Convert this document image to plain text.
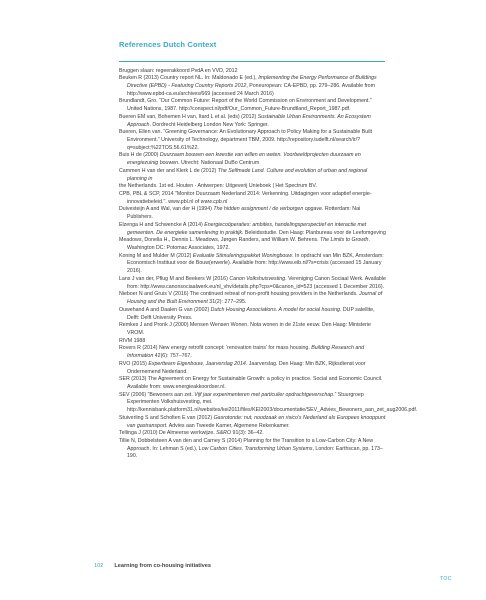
References Dutch Context
Bruggen slaan: regeerakkoord PvdA en VVD, 2012
Beuken R (2013) Country report NL. In: Maldonado E (ed.), Implementing the Energy Performance of Buildings Directive (EPBD) - Featuring Country Reports 2012, Poneuropean: CA-EPBD, pp. 279–286. Available from http://www.epbd-ca.eu/archives/669 (accessed 24 March 2016)
Brundlandt, Gro. “Our Common Future: Report of the World Commission on Environment and Development.” United Nations, 1987. http://conspect.nl/pdf/Our_Common_Future-Brundtland_Report_1987.pdf.
Bueren EM van, Bohemen H van, Itard L et al. (eds) (2012) Sustainable Urban Environments. An Ecosystem Approach. Dordrecht Heidelberg London New York: Springer.
Bueren, Ellen van. “Greening Governance: An Evolutionary Approach to Policy Making for a Sustainable Built Environment.” University of Technology, department TBM, 2009. http://repository.tudelft.nl/search/ir/?q=subject:%22TOS.56.61%22.
Buis H de (2000) Duurzaam bouwen een kwestie van willen en weten. Voorbeeldprojecten duurzaam en energiezuinig bouwen. Utrecht: Nationaal DuBo Centrum
Cammen H van der and Klerk L de (2012) The Selfmade Land. Culture and evolution of urban and regional planning in
the Netherlands. 1st ed. Houten - Antwerpen: Uitgeverij Unieboek | Het Spectrum BV.
CPB, PBL & SCP, 2014 "Monitor Duurzaam Nederland 2014: Verkenning. Uitdagingen voor adaptief energie-innovatiebeleid.". www.pbl.nl of www.cpb.nl
Duivesteijn A and Wal, van der H (1994) The hidden assignment / de verborgen opgave. Rotterdam: Nai Publishers.
Elzenga H and Schwencke A (2014) Energiecoöperaties: ambities, handelingsperspectief en interactie met gemeenten. De energieke samenleving in praktijk. Beleidsstudie. Den Haag: Planbureau voor de Leefomgeving
Meadows, Donella H., Dennis L. Meadows, Jørgen Randers, and William W. Behrens. The Limits to Growth. Washington DC: Potomac Associates, 1972.
Koning M and Mulder M (2012) Evaluatie Stimuleringspakket Woningbouw. In opdracht van Min BZK, Amsterdam: Economisch Instituut voor de Bouw(erwerle). Available from: http://www.eib.nl/?s=crisis (accessed 15 January 2016).
Lans J van der, Pflug M and Beekers W (2016) Canon Volkshuisvesting. Vereniging Canon Sociaal Werk. Available from: http://www.canonsociaalwerk.eu/nl_vhv/details.php?cps=0&canon_id=523 (accessed 1 December 2016).
Nieboer N and Gruis V (2016) The continued retreat of non-profit housing providers in the Netherlands. Journal of Housing and the Built Environment 31(2): 277–295.
Ouwehand A and Daalen G van (2002) Dutch Housing Associations. A model for social housing. DUP satellite, Delft: Delft University Press.
Remkes J and Pronk J (2000) Mensen Wensen Wonen. Nota wonen in de 21ste eeuw. Den Haag: Ministerie VROM.
RIVM 1988
Rovers R (2014) New energy retrofit concept: 'renovation trains' for mass housing. Building Research and Information 42(6): 757–767.
RVO (2015) Experttearn Eigenbouw, Jaarverslag 2014. Jaarverslag. Den Haag: Min BZK, Rijksdienst voor Ondernemend Nederland.
SER (2013) The Agreement on Energy for Sustainable Growth: a policy in practice. Social and Economic Council. Available from: www.energieakkoordser.nl.
SEV (2006) “Bewoners aan zet. Vijf jaar experimenteren met particulier opdrachtgeverschap.” Stuurgroep Experimenten Volkshuisvesting, mei. http://kennisbank.platform31.nl/websites/kei2011/files/KEI2003/documentatie/SEV_Advies_Bewoners_aan_zet_aug2006.pdf.
Stuiverling S and Scholten E van (2012) Gasrotonde: nut, noodzaak en risico's Nederland als Europees knooppunt van gastransport. Advies aan Tweede Kamer, Algemene Rekenkamer.
Tellinga J (2010) De Almeerse werkwijze. S&RO 91(3): 36–42.
Tillie N, Dobbelsteen A van den and Carney S (2014) Planning for the Transition to a Low-Carbon City: A New Approach. In: Lehman S (ed.), Low Carbon Cities. Transforming Urban Systems, London: Earthscan, pp. 173–190.
102 Learning from co-housing initiatives
TOC
